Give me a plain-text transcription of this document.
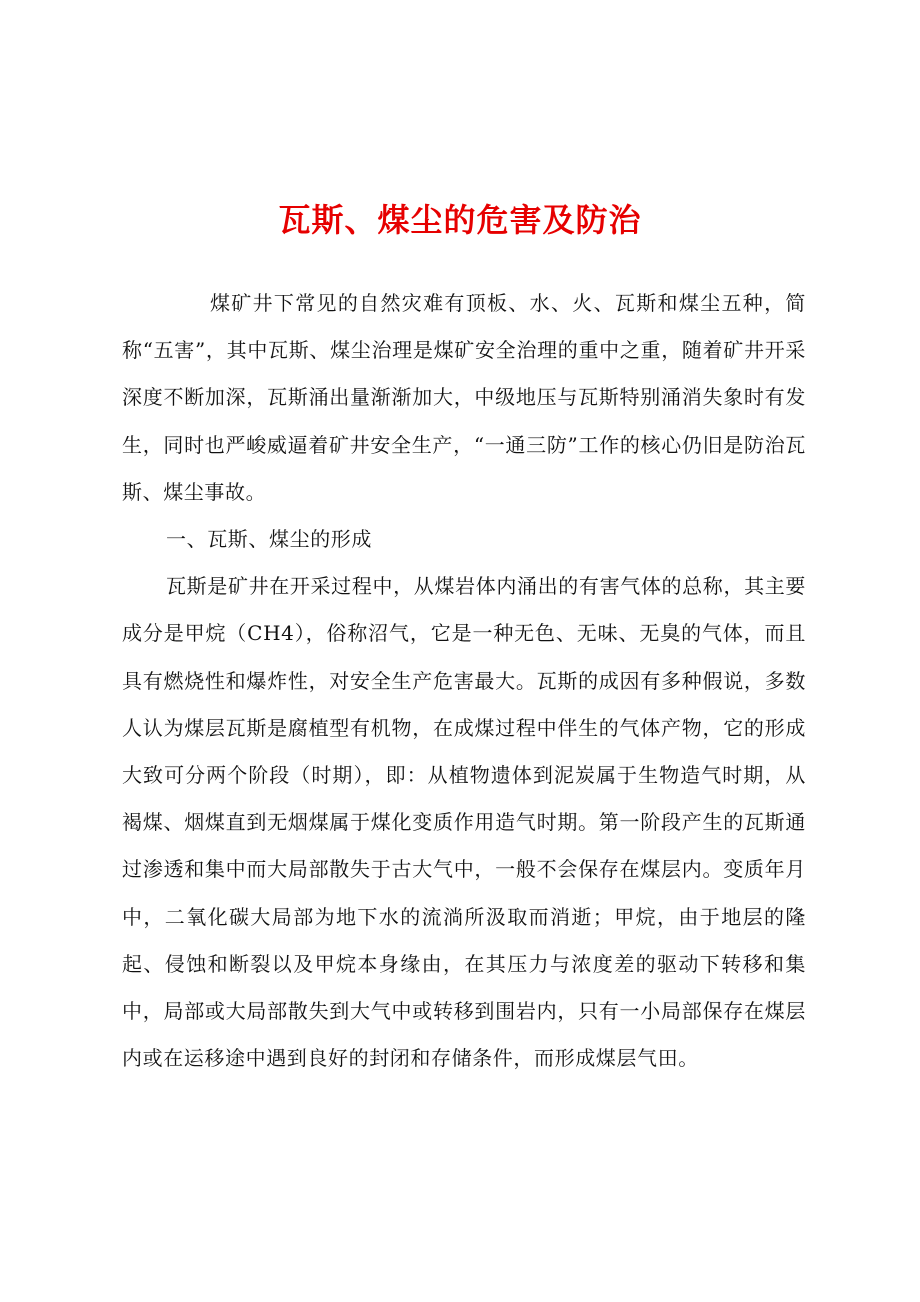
瓦斯、煤尘的危害及防治

煤矿井下常见的自然灾难有顶板、水、火、瓦斯和煤尘五种，简称“五害”，其中瓦斯、煤尘治理是煤矿安全治理的重中之重，随着矿井开采深度不断加深，瓦斯涌出量渐渐加大，中级地压与瓦斯特别涌消失象时有发生，同时也严峻威逼着矿井安全生产，“一通三防”工作的核心仍旧是防治瓦斯、煤尘事故。

一、瓦斯、煤尘的形成

瓦斯是矿井在开采过程中，从煤岩体内涌出的有害气体的总称，其主要成分是甲烷（CH4），俗称沼气，它是一种无色、无味、无臭的气体，而且具有燃烧性和爆炸性，对安全生产危害最大。瓦斯的成因有多种假说，多数人认为煤层瓦斯是腐植型有机物，在成煤过程中伴生的气体产物，它的形成大致可分两个阶段（时期），即：从植物遗体到泥炭属于生物造气时期，从褐煤、烟煤直到无烟煤属于煤化变质作用造气时期。第一阶段产生的瓦斯通过渗透和集中而大局部散失于古大气中，一般不会保存在煤层内。变质年月中，二氧化碳大局部为地下水的流淌所汲取而消逝；甲烷，由于地层的隆起、侵蚀和断裂以及甲烷本身缘由，在其压力与浓度差的驱动下转移和集中，局部或大局部散失到大气中或转移到围岩内，只有一小局部保存在煤层内或在运移途中遇到良好的封闭和存储条件，而形成煤层气田。
